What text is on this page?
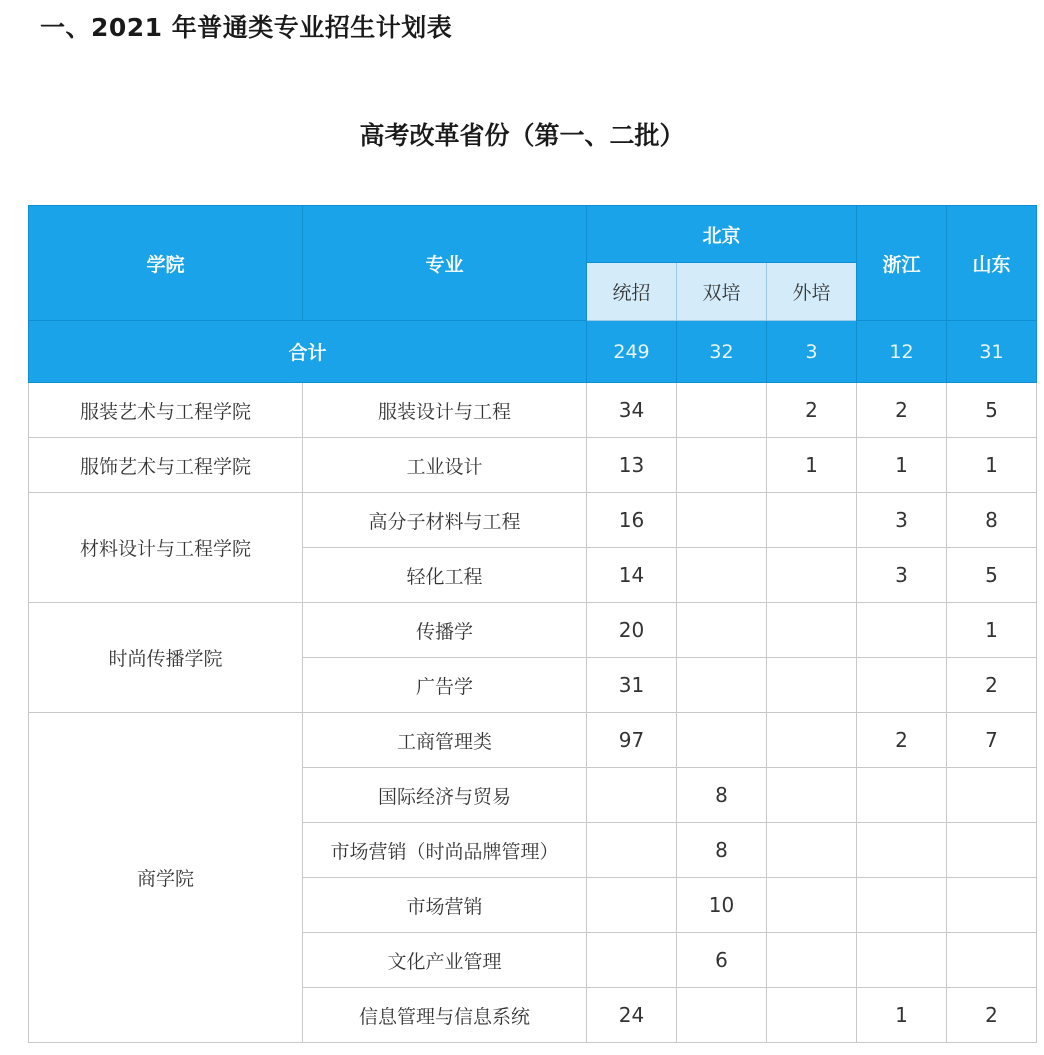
一、2021 年普通类专业招生计划表
高考改革省份（第一、二批）
学院	专业	北京			浙江	山东
		统招	双培	外培		
合计		249	32	3	12	31
服装艺术与工程学院	服装设计与工程	34		2	2	5
服饰艺术与工程学院	工业设计	13		1	1	1
材料设计与工程学院	高分子材料与工程	16			3	8
	轻化工程	14			3	5
时尚传播学院	传播学	20				1
	广告学	31				2
商学院	工商管理类	97			2	7
	国际经济与贸易		8			
	市场营销（时尚品牌管理）		8			
	市场营销		10			
	文化产业管理		6			
	信息管理与信息系统	24			1	2
